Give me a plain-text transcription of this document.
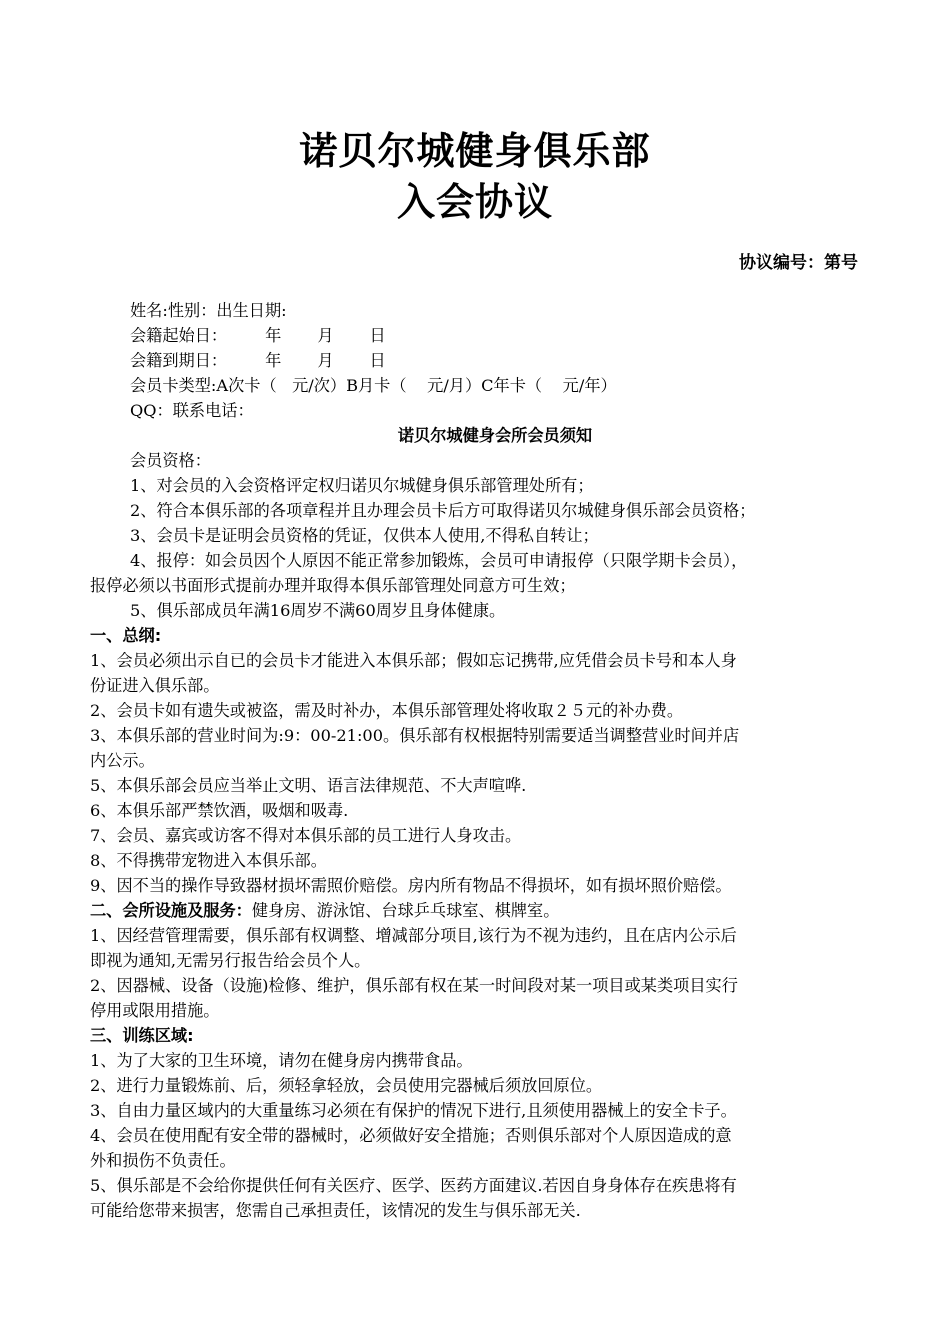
诺贝尔城健身俱乐部
入会协议
协议编号：第号
姓名:性别：出生日期:
会籍起始日： 年 月 日
会籍到期日： 年 月 日
会员卡类型:A次卡（   元/次）B月卡（    元/月）C年卡（    元/年）
QQ：联系电话：
诺贝尔城健身会所会员须知
会员资格：
1、对会员的入会资格评定权归诺贝尔城健身俱乐部管理处所有；
2、符合本俱乐部的各项章程并且办理会员卡后方可取得诺贝尔城健身俱乐部会员资格；
3、会员卡是证明会员资格的凭证，仅供本人使用,不得私自转让；
4、报停：如会员因个人原因不能正常参加锻炼，会员可申请报停（只限学期卡会员），
报停必须以书面形式提前办理并取得本俱乐部管理处同意方可生效；
5、俱乐部成员年满16周岁不满60周岁且身体健康。
一、总纲:
1、会员必须出示自已的会员卡才能进入本俱乐部；假如忘记携带,应凭借会员卡号和本人身
份证进入俱乐部。
2、会员卡如有遗失或被盗，需及时补办，本俱乐部管理处将收取２５元的补办费。
3、本俱乐部的营业时间为:9：00-21:00。俱乐部有权根据特别需要适当调整营业时间并店
内公示。
5、本俱乐部会员应当举止文明、语言法律规范、不大声喧哗.
6、本俱乐部严禁饮酒，吸烟和吸毒.
7、会员、嘉宾或访客不得对本俱乐部的员工进行人身攻击。
8、不得携带宠物进入本俱乐部。
9、因不当的操作导致器材损坏需照价赔偿。房内所有物品不得损坏，如有损坏照价赔偿。
二、会所设施及服务：健身房、游泳馆、台球乒乓球室、棋牌室。
1、因经营管理需要，俱乐部有权调整、增减部分项目,该行为不视为违约，且在店内公示后
即视为通知,无需另行报告给会员个人。
2、因器械、设备（设施)检修、维护，俱乐部有权在某一时间段对某一项目或某类项目实行
停用或限用措施。
三、训练区域:
1、为了大家的卫生环境，请勿在健身房内携带食品。
2、进行力量锻炼前、后，须轻拿轻放，会员使用完器械后须放回原位。
3、自由力量区域内的大重量练习必须在有保护的情况下进行,且须使用器械上的安全卡子。
4、会员在使用配有安全带的器械时，必须做好安全措施；否则俱乐部对个人原因造成的意
外和损伤不负责任。
5、俱乐部是不会给你提供任何有关医疗、医学、医药方面建议.若因自身身体存在疾患将有
可能给您带来损害，您需自己承担责任，该情况的发生与俱乐部无关.
